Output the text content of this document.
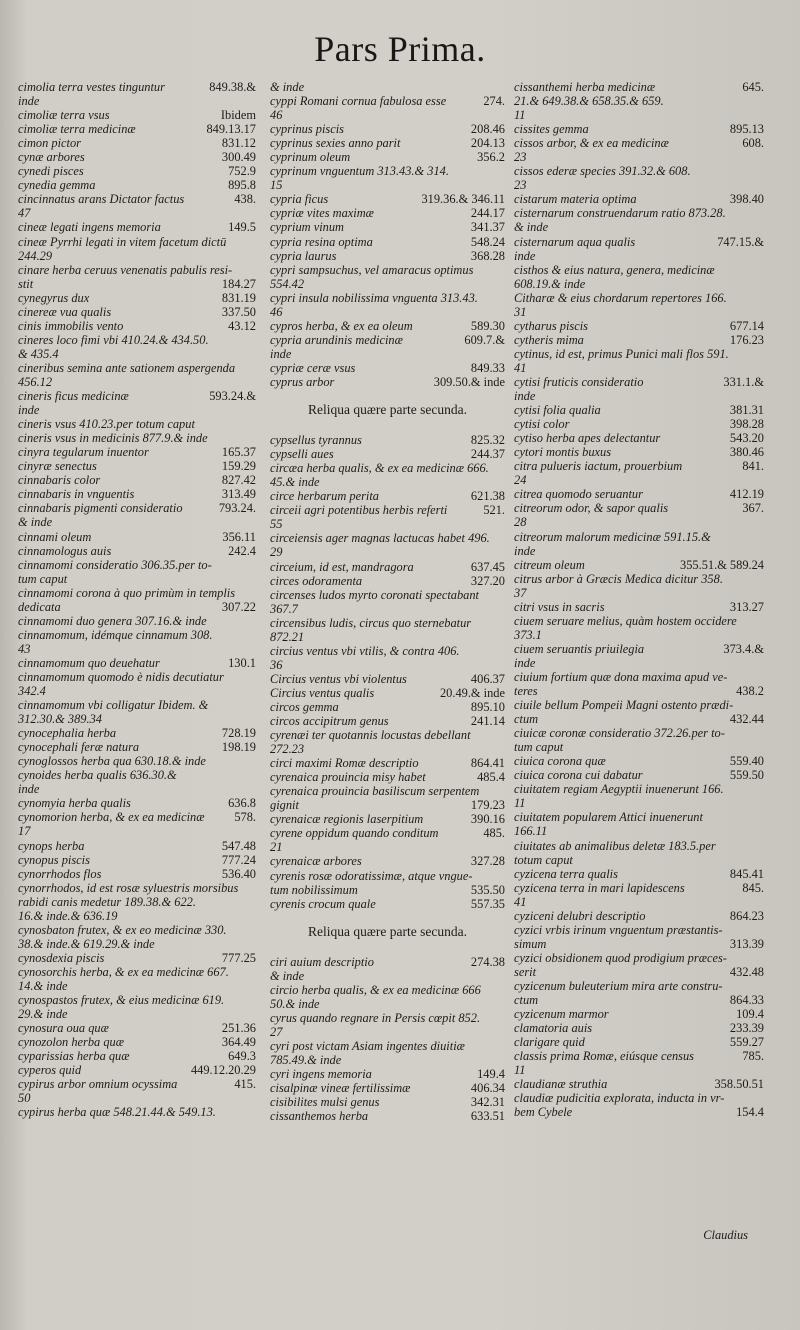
Pars Prima.
cimolia terra vestes tinguntur	849.38.&
inde
cimoliæ terra vsus	Ibidem
cimoliæ terra medicinæ	849.13.17
cimon pictor	831.12
cynæ arbores	300.49
cynedi pisces	752.9
cynedia gemma	895.8
cincinnatus arans Dictator factus	438.
47
cineæ legati ingens memoria	149.5
cineæ Pyrrhi legati in vitem facetum dictū
244.29
cinare herba ceruus venenatis pabulis resi-
stit	184.27
cynegyrus dux	831.19
cinereæ vua qualis	337.50
cinis immobilis vento	43.12
cineres loco fimi vbi 410.24.& 434.50.
& 435.4
cineribus semina ante sationem aspergenda
456.12
cineris ficus medicinæ	593.24.&
inde
cineris vsus 410.23.per totum caput
cineris vsus in medicinis 877.9.& inde
cinyra tegularum inuentor	165.37
cinyræ senectus	159.29
cinnabaris color	827.42
cinnabaris in vnguentis	313.49
cinnabaris pigmenti consideratio	793.24.
& inde
cinnami oleum	356.11
cinnamologus auis	242.4
cinnamomi consideratio 306.35.per to-
tum caput
cinnamomi corona à quo primùm in templis
dedicata	307.22
cinnamomi duo genera 307.16.& inde
cinnamomum, idémque cinnamum 308.
43
cinnamomum quo deuehatur	130.1
cinnamomum quomodo è nidis decutiatur
342.4
cinnamomum vbi colligatur Ibidem. &
312.30.& 389.34
cynocephalia herba	728.19
cynocephali feræ natura	198.19
cynoglossos herba qua 630.18.& inde
cynoides herba qualis 636.30.&
inde
cynomyia herba qualis	636.8
cynomorion herba, & ex ea medicinæ	578.
17
cynops herba	547.48
cynopus piscis	777.24
cynorrhodos flos	536.40
cynorrhodos, id est rosæ syluestris morsibus
rabidi canis medetur 189.38.& 622.
16.& inde.& 636.19
cynosbaton frutex, & ex eo medicinæ 330.
38.& inde.& 619.29.& inde
cynosdexia piscis	777.25
cynosorchis herba, & ex ea medicinæ 667.
14.& inde
cynospastos frutex, & eius medicinæ 619.
29.& inde
cynosura oua quæ	251.36
cynozolon herba quæ	364.49
cyparissias herba quæ	649.3
cyperos quid	449.12.20.29
cypirus arbor omnium ocyssima	415.
50
cypirus herba quæ 548.21.44.& 549.13.
& inde
cyppi Romani cornua fabulosa esse	274.
46
cyprinus piscis	208.46
cyprinus sexies anno parit	204.13
cyprinum oleum	356.2
cyprinum vnguentum 313.43.& 314.
15
cypria ficus	319.36.& 346.11
cypriæ vites maximæ	244.17
cyprium vinum	341.37
cypria resina optima	548.24
cypria laurus	368.28
cypri sampsuchus, vel amaracus optimus
554.42
cypri insula nobilissima vnguenta 313.43.
46
cypros herba, & ex ea oleum	589.30
cypria arundinis medicinæ	609.7.&
inde
cypriæ ceræ vsus	849.33
cyprus arbor	309.50.& inde
Reliqua quære parte secunda.
cypsellus tyrannus	825.32
cypselli aues	244.37
circæa herba qualis, & ex ea medicinæ 666.
45.& inde
circe herbarum perita	621.38
circeii agri potentibus herbis referti	521.
55
circeiensis ager magnas lactucas habet 496.
29
circeium, id est, mandragora	637.45
circes odoramenta	327.20
circenses ludos myrto coronati spectabant
367.7
circensibus ludis, circus quo sternebatur
872.21
circius ventus vbi vtilis, & contra 406.
36
Circius ventus vbi violentus	406.37
Circius ventus qualis	20.49.& inde
circos gemma	895.10
circos accipitrum genus	241.14
cyrenæi ter quotannis locustas debellant
272.23
circi maximi Romæ descriptio	864.41
cyrenaica prouincia misy habet	485.4
cyrenaica prouincia basiliscum serpentem
gignit	179.23
cyrenaicæ regionis laserpitium	390.16
cyrene oppidum quando conditum	485.
21
cyrenaicæ arbores	327.28
cyrenis rosæ odoratissimæ, atque vngue-
tum nobilissimum	535.50
cyrenis crocum quale	557.35
Reliqua quære parte secunda.
ciri auium descriptio	274.38
& inde
circio herba qualis, & ex ea medicinæ 666
50.& inde
cyrus quando regnare in Persis cœpit 852.
27
cyri post victam Asiam ingentes diuitiæ
785.49.& inde
cyri ingens memoria	149.4
cisalpinæ vineæ fertilissimæ	406.34
cisibilites mulsi genus	342.31
cissanthemos herba	633.51
cissanthemi herba medicinæ	645.
21.& 649.38.& 658.35.& 659.
11
cissites gemma	895.13
cissos arbor, & ex ea medicinæ	608.
23
cissos ederæ species 391.32.& 608.
23
cistarum materia optima	398.40
cisternarum construendarum ratio 873.28.
& inde
cisternarum aqua qualis	747.15.&
inde
cisthos & eius natura, genera, medicinæ
608.19.& inde
Citharæ & eius chordarum repertores 166.
31
cytharus piscis	677.14
cytheris mima	176.23
cytinus, id est, primus Punici mali flos 591.
41
cytisi fruticis consideratio	331.1.&
inde
cytisi folia qualia	381.31
cytisi color	398.28
cytiso herba apes delectantur	543.20
cytori montis buxus	380.46
citra pulueris iactum, prouerbium	841.
24
citrea quomodo seruantur	412.19
citreorum odor, & sapor qualis	367.
28
citreorum malorum medicinæ 591.15.&
inde
citreum oleum	355.51.& 589.24
citrus arbor à Græcis Medica dicitur 358.
37
citri vsus in sacris	313.27
ciuem seruare melius, quàm hostem occidere
373.1
ciuem seruantis priuilegia	373.4.&
inde
ciuium fortium quæ dona maxima apud ve-
teres	438.2
ciuile bellum Pompeii Magni ostento prædi-
ctum	432.44
ciuicæ coronæ consideratio 372.26.per to-
tum caput
ciuica corona quæ	559.40
ciuica corona cui dabatur	559.50
ciuitatem regiam Aegyptii inuenerunt 166.
11
ciuitatem popularem Attici inuenerunt
166.11
ciuitates ab animalibus deletæ 183.5.per
totum caput
cyzicena terra qualis	845.41
cyzicena terra in mari lapidescens	845.
41
cyziceni delubri descriptio	864.23
cyzici vrbis irinum vnguentum præstantis-
simum	313.39
cyzici obsidionem quod prodigium præces-
serit	432.48
cyzicenum buleuterium mira arte constru-
ctum	864.33
cyzicenum marmor	109.4
clamatoria auis	233.39
clarigare quid	559.27
classis prima Romæ, eiúsque census	785.
11
claudianæ struthia	358.50.51
claudiæ pudicitia explorata, inducta in vr-
bem Cybele	154.4
Claudius
